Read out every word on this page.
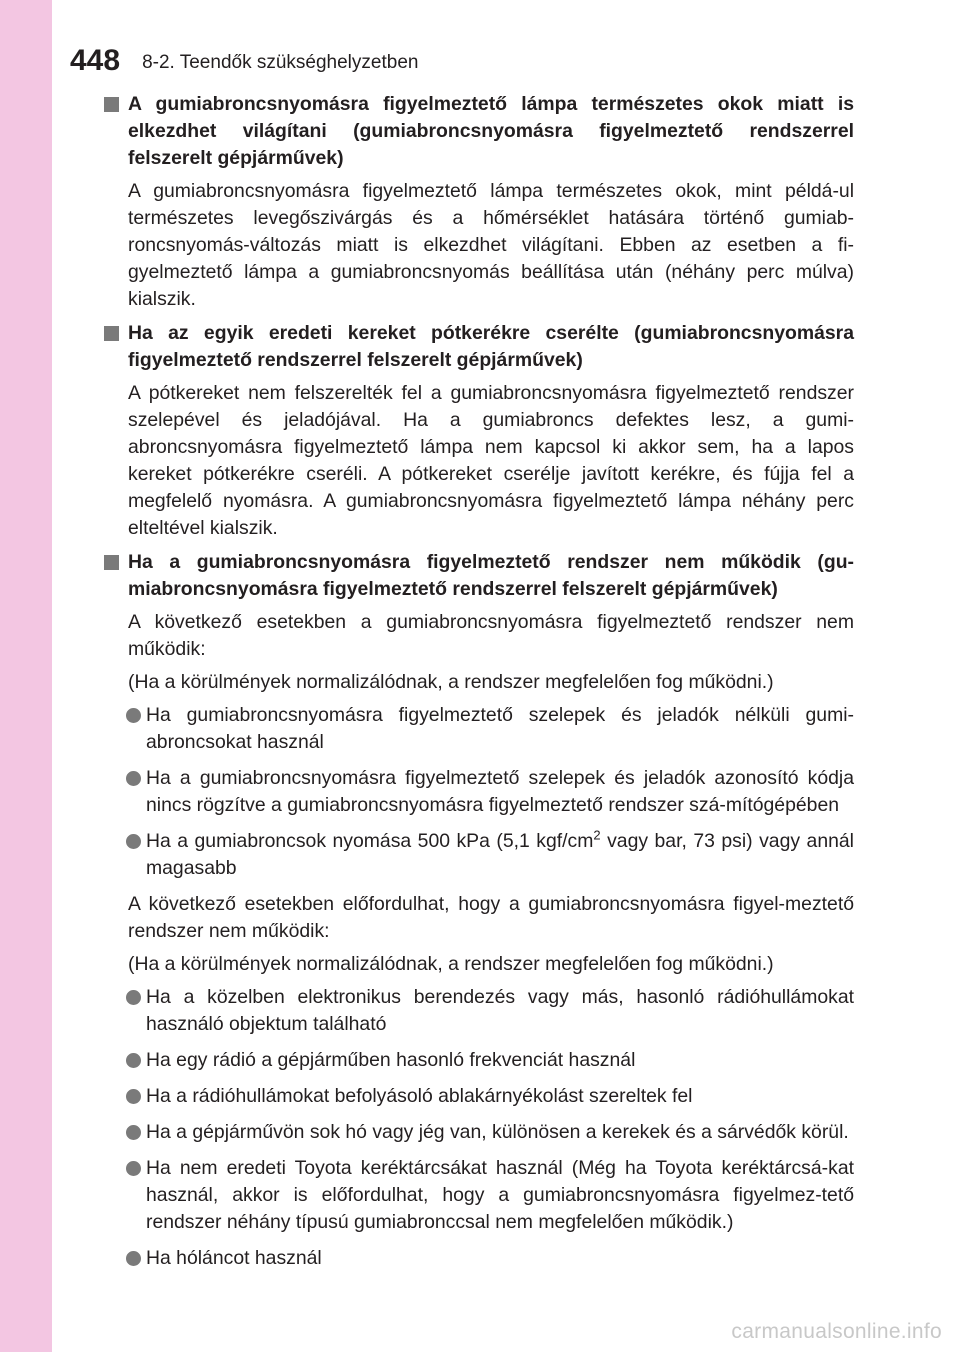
448 8-2. Teendők szükséghelyzetben
A gumiabroncsnyomásra figyelmeztető lámpa természetes okok miatt is elkezdhet világítani (gumiabroncsnyomásra figyelmeztető rendszerrel felszerelt gépjárművek)
A gumiabroncsnyomásra figyelmeztető lámpa természetes okok, mint példá-ul természetes levegőszivárgás és a hőmérséklet hatására történő gumiab-roncsnyomás-változás miatt is elkezdhet világítani. Ebben az esetben a fi-gyelmeztető lámpa a gumiabroncsnyomás beállítása után (néhány perc múlva) kialszik.
Ha az egyik eredeti kereket pótkerékre cserélte (gumiabroncsnyomásra figyelmeztető rendszerrel felszerelt gépjárművek)
A pótkereket nem felszerelték fel a gumiabroncsnyomásra figyelmeztető rendszer szelepével és jeladójával. Ha a gumiabroncs defektes lesz, a gumi-abroncsnyomásra figyelmeztető lámpa nem kapcsol ki akkor sem, ha a lapos kereket pótkerékre cseréli. A pótkereket cserélje javított kerékre, és fújja fel a megfelelő nyomásra. A gumiabroncsnyomásra figyelmeztető lámpa néhány perc elteltével kialszik.
Ha a gumiabroncsnyomásra figyelmeztető rendszer nem működik (gu-miabroncsnyomásra figyelmeztető rendszerrel felszerelt gépjárművek)
A következő esetekben a gumiabroncsnyomásra figyelmeztető rendszer nem működik:
(Ha a körülmények normalizálódnak, a rendszer megfelelően fog működni.)
Ha gumiabroncsnyomásra figyelmeztető szelepek és jeladók nélküli gumi-abroncsokat használ
Ha a gumiabroncsnyomásra figyelmeztető szelepek és jeladók azonosító kódja nincs rögzítve a gumiabroncsnyomásra figyelmeztető rendszer szá-mítógépében
Ha a gumiabroncsok nyomása 500 kPa (5,1 kgf/$cm^2$ vagy bar, 73 psi) vagy annál magasabb
A következő esetekben előfordulhat, hogy a gumiabroncsnyomásra figyel-meztető rendszer nem működik:
(Ha a körülmények normalizálódnak, a rendszer megfelelően fog működni.)
Ha a közelben elektronikus berendezés vagy más, hasonló rádióhullámokat használó objektum található
Ha egy rádió a gépjárműben hasonló frekvenciát használ
Ha a rádióhullámokat befolyásoló ablakárnyékolást szereltek fel
Ha a gépjárművön sok hó vagy jég van, különösen a kerekek és a sárvédők körül.
Ha nem eredeti Toyota keréktárcsákat használ (Még ha Toyota keréktárcsá-kat használ, akkor is előfordulhat, hogy a gumiabroncsnyomásra figyelmez-tető rendszer néhány típusú gumiabronccsal nem megfelelően működik.)
Ha hóláncot használ
carmanualsonline.info
